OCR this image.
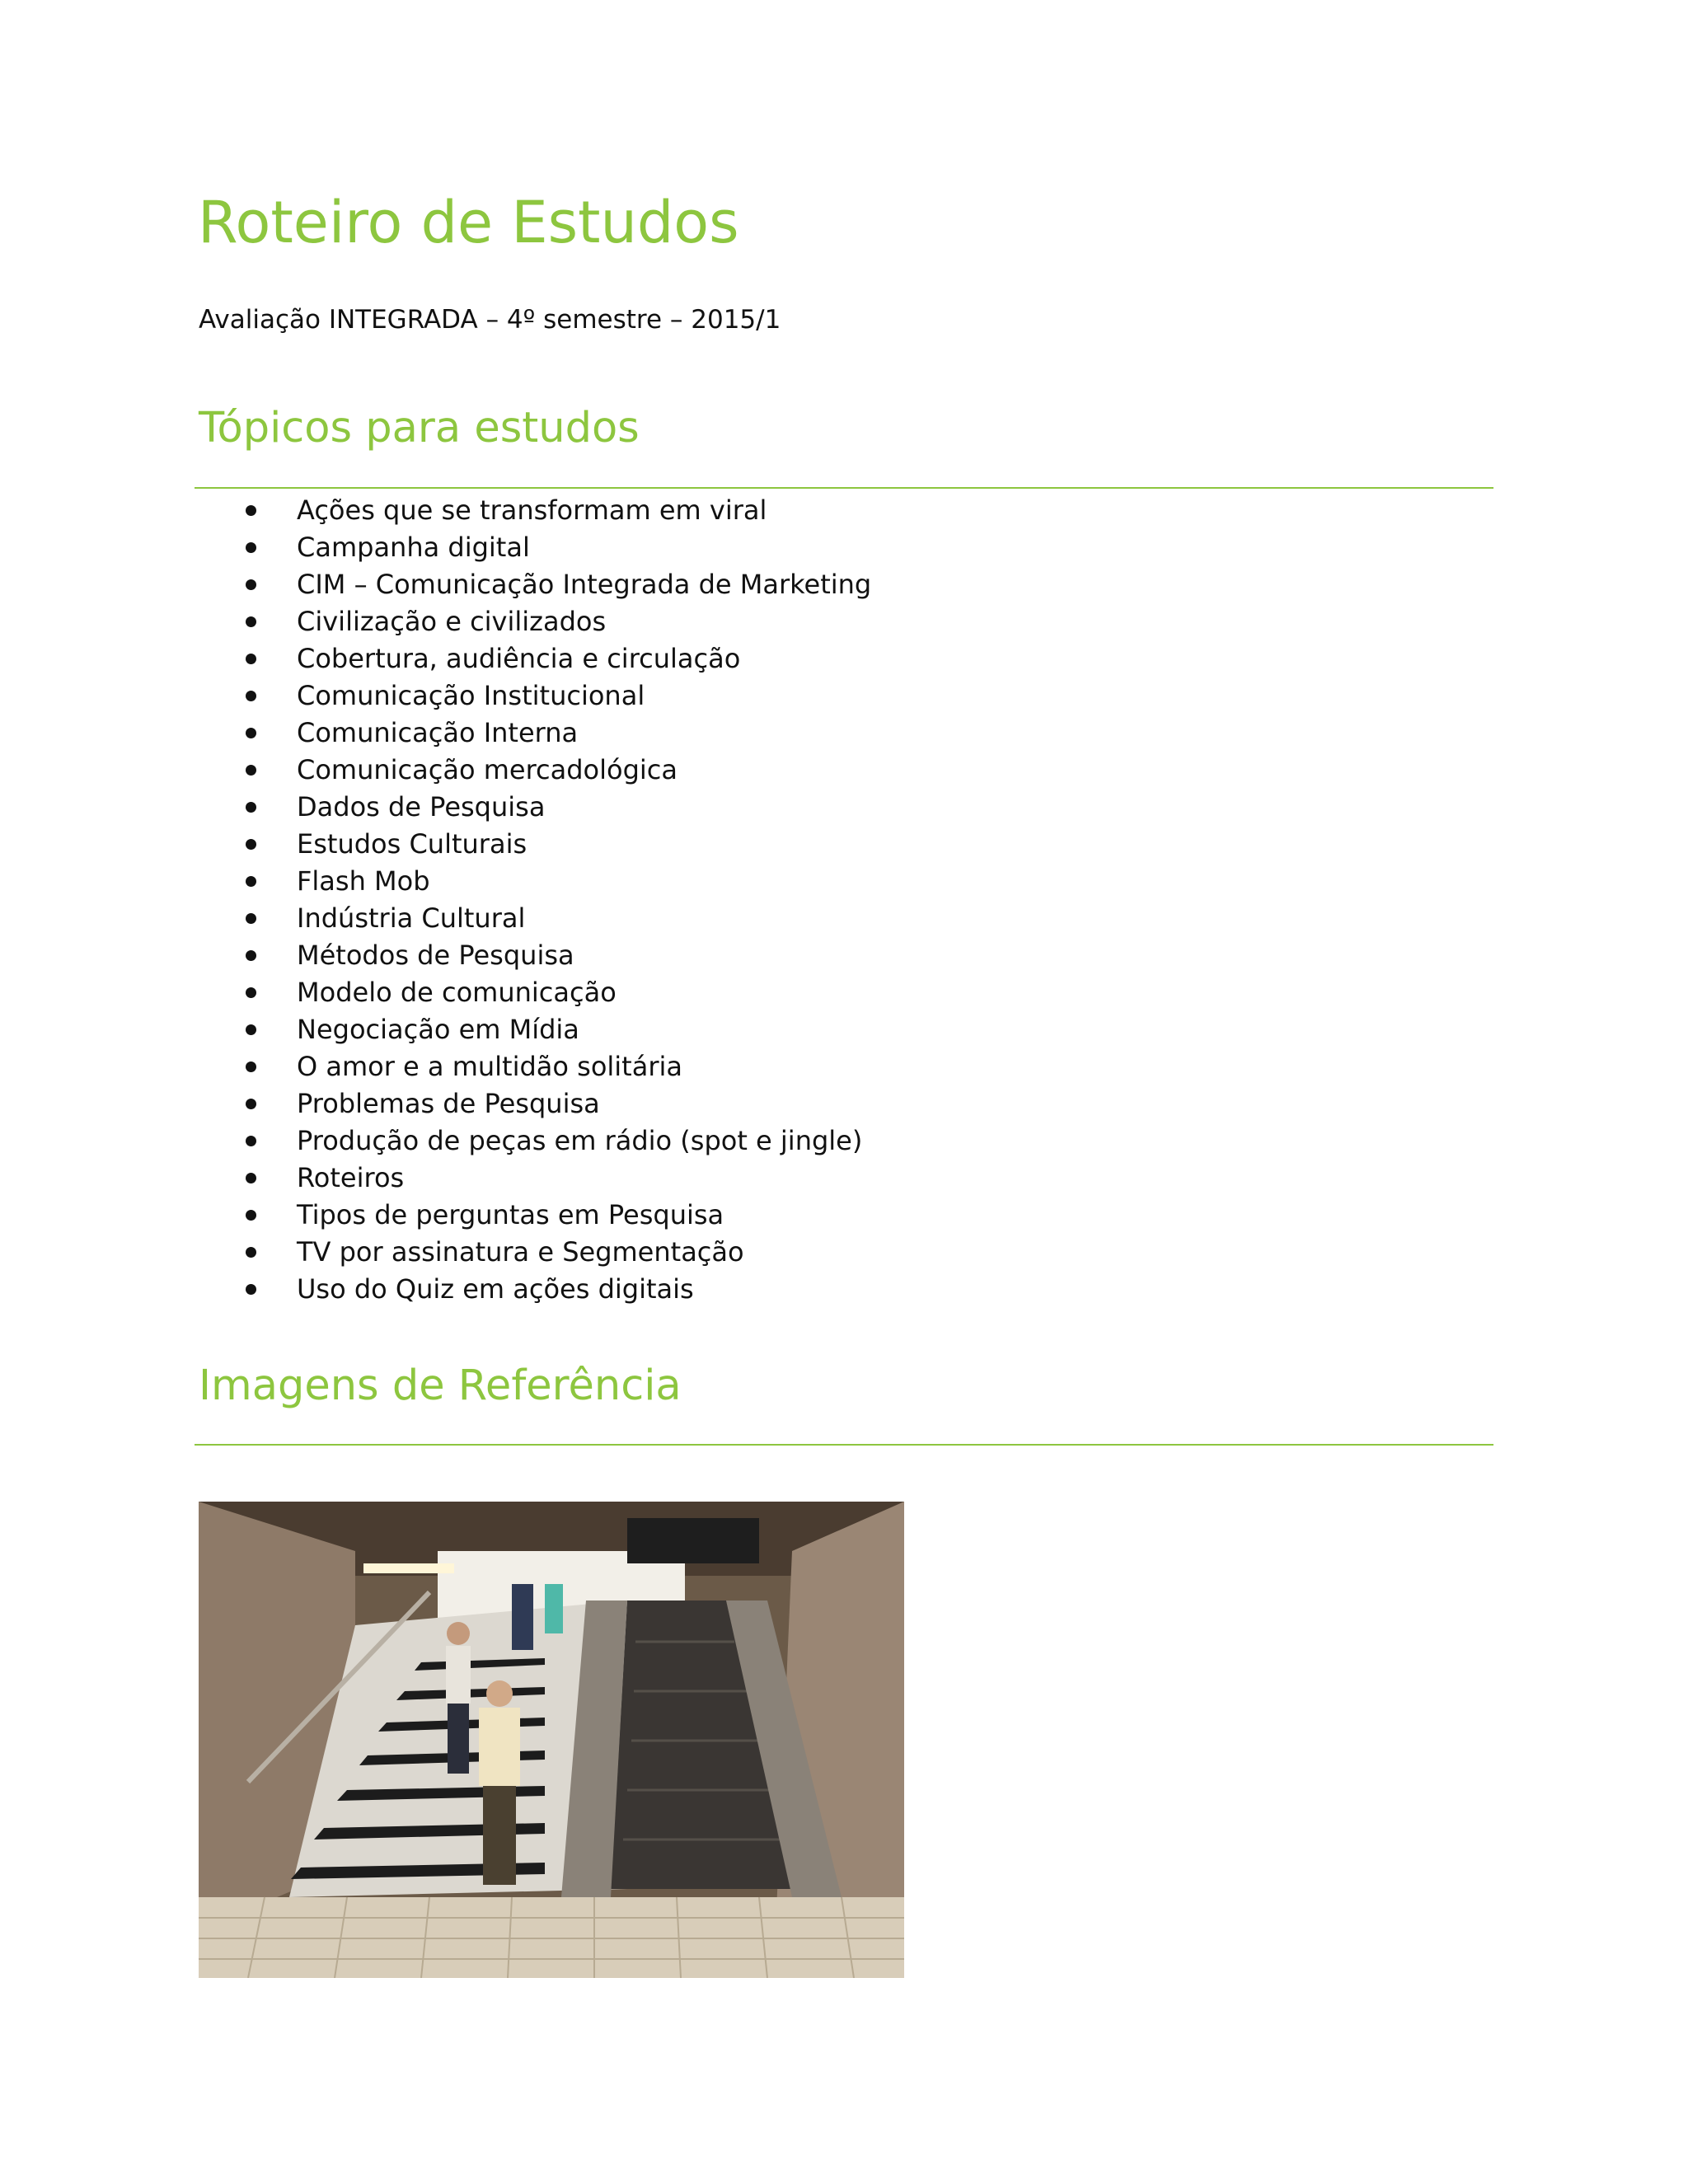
Roteiro de Estudos

Avaliação INTEGRADA – 4º semestre – 2015/1

Tópicos para estudos
Ações que se transformam em viral
Campanha digital
CIM – Comunicação Integrada de Marketing
Civilização e civilizados
Cobertura, audiência e circulação
Comunicação Institucional
Comunicação Interna
Comunicação mercadológica
Dados de Pesquisa
Estudos Culturais
Flash Mob
Indústria Cultural
Métodos de Pesquisa
Modelo de comunicação
Negociação em Mídia
O amor e a multidão solitária
Problemas de Pesquisa
Produção de peças em rádio (spot e jingle)
Roteiros
Tipos de perguntas em Pesquisa
TV por assinatura e Segmentação
Uso do Quiz em ações digitais
Imagens de Referência
